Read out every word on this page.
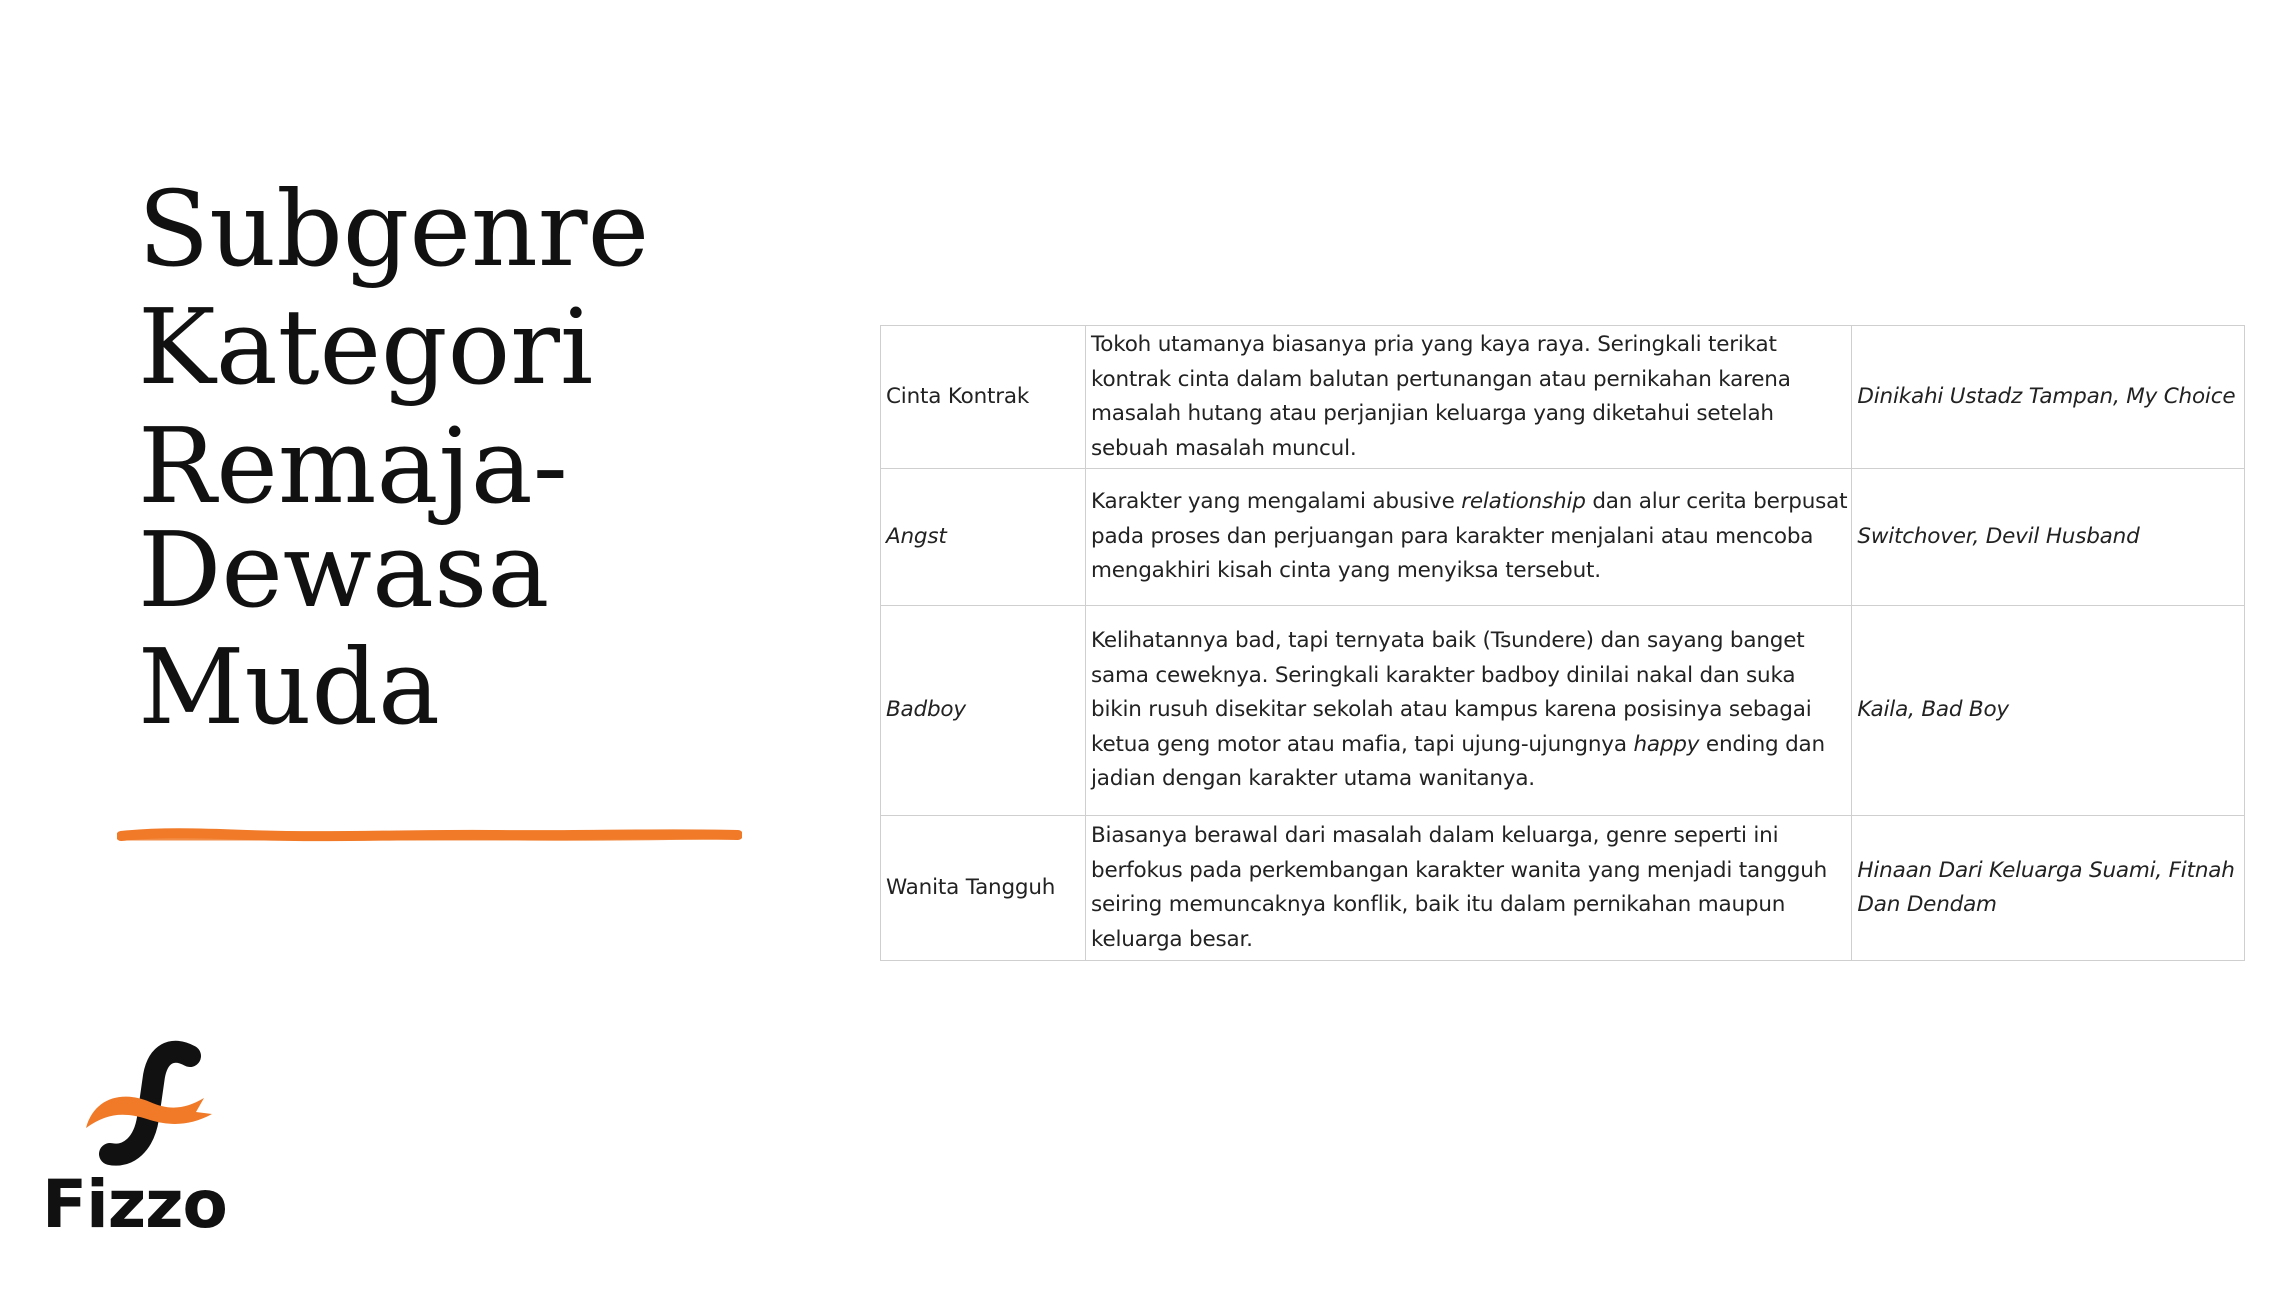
Subgenre
Kategori
Remaja-
Dewasa
Muda
Cinta Kontrak	Tokoh utamanya biasanya pria yang kaya raya. Seringkali terikat kontrak cinta dalam balutan pertunangan atau pernikahan karena masalah hutang atau perjanjian keluarga yang diketahui setelah sebuah masalah muncul.	Dinikahi Ustadz Tampan, My Choice
Angst	Karakter yang mengalami abusive relationship dan alur cerita berpusat pada proses dan perjuangan para karakter menjalani atau mencoba mengakhiri kisah cinta yang menyiksa tersebut.	Switchover, Devil Husband
Badboy	Kelihatannya bad, tapi ternyata baik (Tsundere) dan sayang banget sama ceweknya. Seringkali karakter badboy dinilai nakal dan suka bikin rusuh disekitar sekolah atau kampus karena posisinya sebagai ketua geng motor atau mafia, tapi ujung-ujungnya happy ending dan jadian dengan karakter utama wanitanya.	Kaila, Bad Boy
Wanita Tangguh	Biasanya berawal dari masalah dalam keluarga, genre seperti ini berfokus pada perkembangan karakter wanita yang menjadi tangguh seiring memuncaknya konflik, baik itu dalam pernikahan maupun keluarga besar.	Hinaan Dari Keluarga Suami, Fitnah Dan Dendam
Fizzo
